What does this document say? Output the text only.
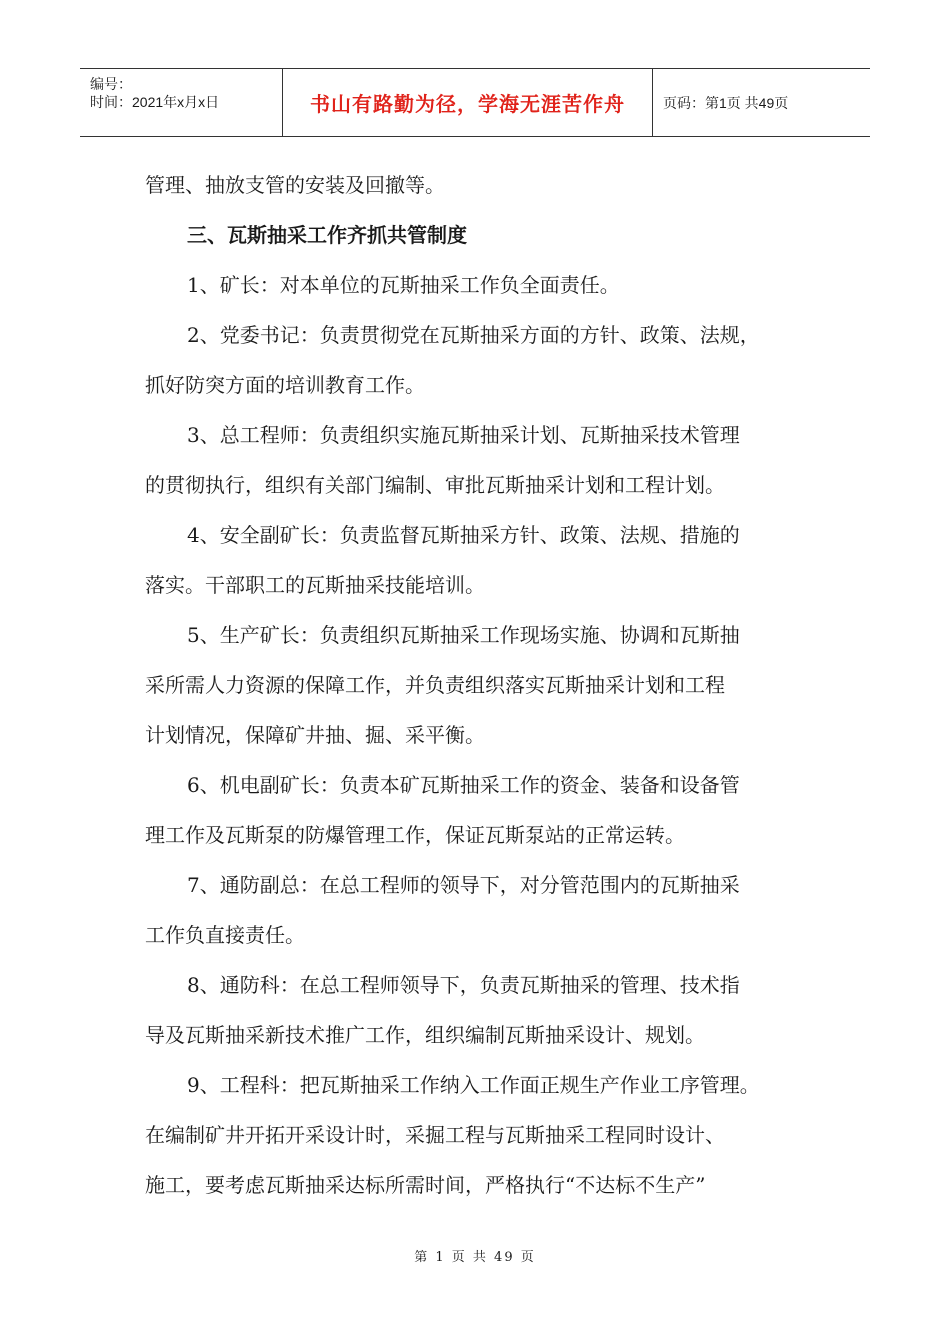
编号：
时间：2021年x月x日	书山有路勤为径，学海无涯苦作舟	页码：第1页 共49页
管理、抽放支管的安装及回撤等。
三、瓦斯抽采工作齐抓共管制度
1、矿长：对本单位的瓦斯抽采工作负全面责任。
2、党委书记：负责贯彻党在瓦斯抽采方面的方针、政策、法规，
抓好防突方面的培训教育工作。
3、总工程师：负责组织实施瓦斯抽采计划、瓦斯抽采技术管理
的贯彻执行，组织有关部门编制、审批瓦斯抽采计划和工程计划。
4、安全副矿长：负责监督瓦斯抽采方针、政策、法规、措施的
落实。干部职工的瓦斯抽采技能培训。
5、生产矿长：负责组织瓦斯抽采工作现场实施、协调和瓦斯抽
采所需人力资源的保障工作，并负责组织落实瓦斯抽采计划和工程
计划情况，保障矿井抽、掘、采平衡。
6、机电副矿长：负责本矿瓦斯抽采工作的资金、装备和设备管
理工作及瓦斯泵的防爆管理工作，保证瓦斯泵站的正常运转。
7、通防副总：在总工程师的领导下，对分管范围内的瓦斯抽采
工作负直接责任。
8、通防科：在总工程师领导下，负责瓦斯抽采的管理、技术指
导及瓦斯抽采新技术推广工作，组织编制瓦斯抽采设计、规划。
9、工程科：把瓦斯抽采工作纳入工作面正规生产作业工序管理。
在编制矿井开拓开采设计时，采掘工程与瓦斯抽采工程同时设计、
施工，要考虑瓦斯抽采达标所需时间，严格执行“不达标不生产”
第 1 页 共 49 页
